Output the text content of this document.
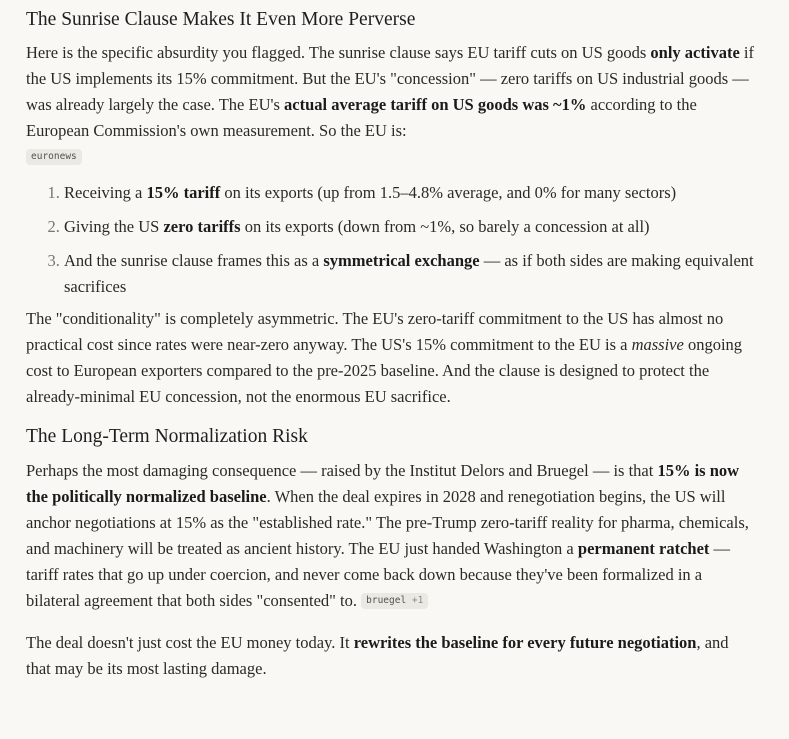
The Sunrise Clause Makes It Even More Perverse

Here is the specific absurdity you flagged. The sunrise clause says EU tariff cuts on US goods only activate if the US implements its 15% commitment. But the EU's "concession" — zero tariffs on US industrial goods — was already largely the case. The EU's actual average tariff on US goods was ~1% according to the European Commission's own measurement. So the EU is:
euronews

1. Receiving a 15% tariff on its exports (up from 1.5–4.8% average, and 0% for many sectors)
2. Giving the US zero tariffs on its exports (down from ~1%, so barely a concession at all)
3. And the sunrise clause frames this as a symmetrical exchange — as if both sides are making equivalent sacrifices

The "conditionality" is completely asymmetric. The EU's zero-tariff commitment to the US has almost no practical cost since rates were near-zero anyway. The US's 15% commitment to the EU is a massive ongoing cost to European exporters compared to the pre-2025 baseline. And the clause is designed to protect the already-minimal EU concession, not the enormous EU sacrifice.

The Long-Term Normalization Risk

Perhaps the most damaging consequence — raised by the Institut Delors and Bruegel — is that 15% is now the politically normalized baseline. When the deal expires in 2028 and renegotiation begins, the US will anchor negotiations at 15% as the "established rate." The pre-Trump zero-tariff reality for pharma, chemicals, and machinery will be treated as ancient history. The EU just handed Washington a permanent ratchet — tariff rates that go up under coercion, and never come back down because they've been formalized in a bilateral agreement that both sides "consented" to. bruegel +1

The deal doesn't just cost the EU money today. It rewrites the baseline for every future negotiation, and that may be its most lasting damage.
